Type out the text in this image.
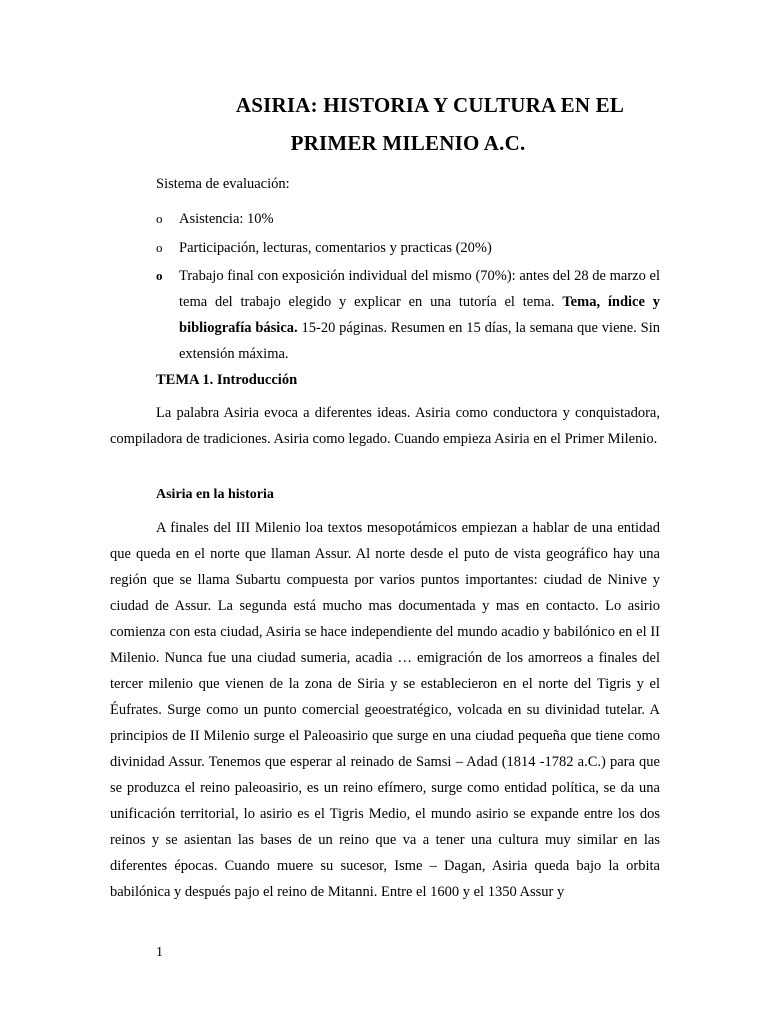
ASIRIA: HISTORIA Y CULTURA EN EL
PRIMER MILENIO A.C.
Sistema de evaluación:
o Asistencia: 10%
o Participación, lecturas, comentarios y practicas (20%)
o Trabajo final con exposición individual del mismo (70%): antes del 28 de marzo el tema del trabajo elegido y explicar en una tutoría el tema. Tema, índice y bibliografía básica. 15-20 páginas. Resumen en 15 días, la semana que viene. Sin extensión máxima.
TEMA 1. Introducción

La palabra Asiria evoca a diferentes ideas. Asiria como conductora y conquistadora, compiladora de tradiciones. Asiria como legado. Cuando empieza Asiria en el Primer Milenio.

Asiria en la historia

A finales del III Milenio loa textos mesopotámicos empiezan a hablar de una entidad que queda en el norte que llaman Assur. Al norte desde el puto de vista geográfico hay una región que se llama Subartu compuesta por varios puntos importantes: ciudad de Ninive y ciudad de Assur. La segunda está mucho mas documentada y mas en contacto. Lo asirio comienza con esta ciudad, Asiria se hace independiente del mundo acadio y babilónico en el II Milenio. Nunca fue una ciudad sumeria, acadia … emigración de los amorreos a finales del tercer milenio que vienen de la zona de Siria y se establecieron en el norte del Tigris y el Éufrates. Surge como un punto comercial geoestratégico, volcada en su divinidad tutelar. A principios de II Milenio surge el Paleoasirio que surge en una ciudad pequeña que tiene como divinidad Assur. Tenemos que esperar al reinado de Samsi – Adad (1814 -1782 a.C.) para que se produzca el reino paleoasirio, es un reino efímero, surge como entidad política, se da una unificación territorial, lo asirio es el Tigris Medio, el mundo asirio se expande entre los dos reinos y se asientan las bases de un reino que va a tener una cultura muy similar en las diferentes épocas. Cuando muere su sucesor, Isme – Dagan, Asiria queda bajo la orbita babilónica y después pajo el reino de Mitanni. Entre el 1600 y el 1350 Assur y

1
